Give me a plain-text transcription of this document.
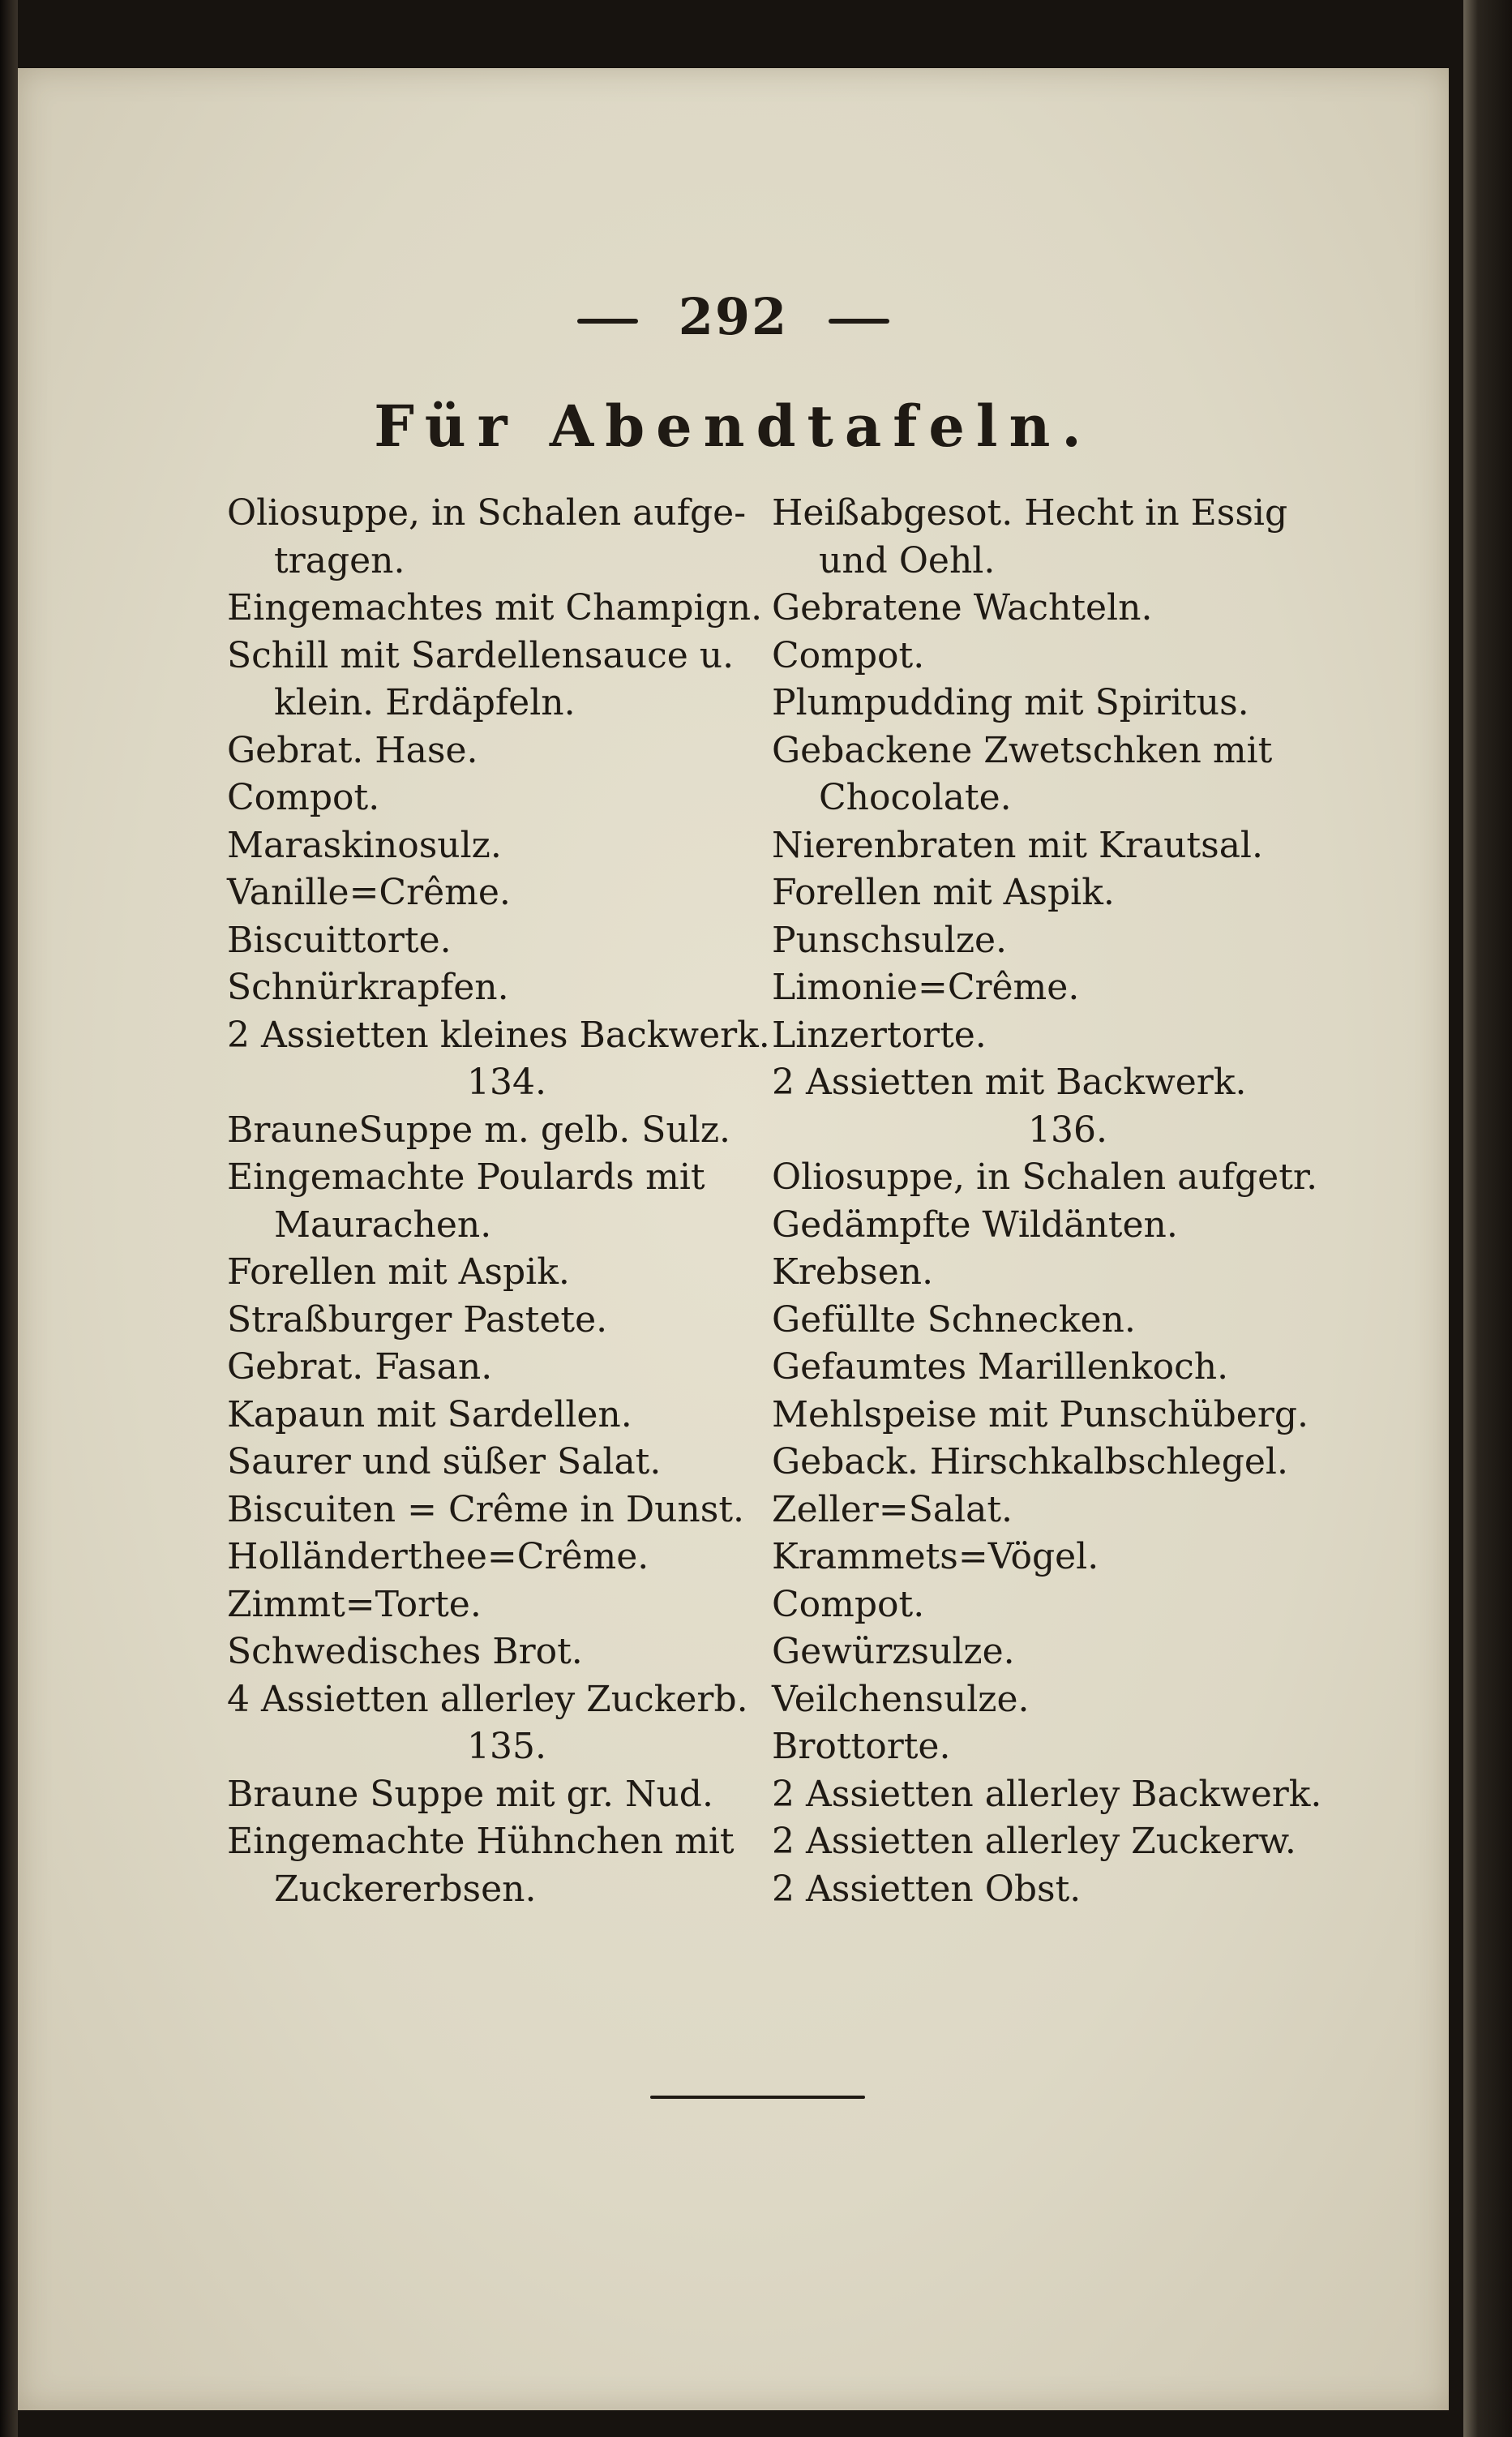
292
Für Abendtafeln.
Oliosuppe, in Schalen aufge- tragen.
Eingemachtes mit Champign.
Schill mit Sardellensauce u. klein. Erdäpfeln.
Gebrat. Hase.
Compot.
Maraskinosulz.
Vanille=Crême.
Biscuittorte.
Schnürkrapfen.
2 Assietten kleines Backwerk.
134.
BrauneSuppe m. gelb. Sulz.
Eingemachte Poulards mit Maurachen.
Forellen mit Aspik.
Straßburger Pastete.
Gebrat. Fasan.
Kapaun mit Sardellen.
Saurer und süßer Salat.
Biscuiten = Crême in Dunst.
Holländerthee=Crême.
Zimmt=Torte.
Schwedisches Brot.
4 Assietten allerley Zuckerb.
135.
Braune Suppe mit gr. Nud.
Eingemachte Hühnchen mit Zuckererbsen.
Heißabgesot. Hecht in Essig und Oehl.
Gebratene Wachteln.
Compot.
Plumpudding mit Spiritus.
Gebackene Zwetschken mit Chocolate.
Nierenbraten mit Krautsal.
Forellen mit Aspik.
Punschsulze.
Limonie=Crême.
Linzertorte.
2 Assietten mit Backwerk.
136.
Oliosuppe, in Schalen aufgetr.
Gedämpfte Wildänten.
Krebsen.
Gefüllte Schnecken.
Gefaumtes Marillenkoch.
Mehlspeise mit Punschüberg.
Geback. Hirschkalbschlegel.
Zeller=Salat.
Krammets=Vögel.
Compot.
Gewürzsulze.
Veilchensulze.
Brottorte.
2 Assietten allerley Backwerk.
2 Assietten allerley Zuckerw.
2 Assietten Obst.
